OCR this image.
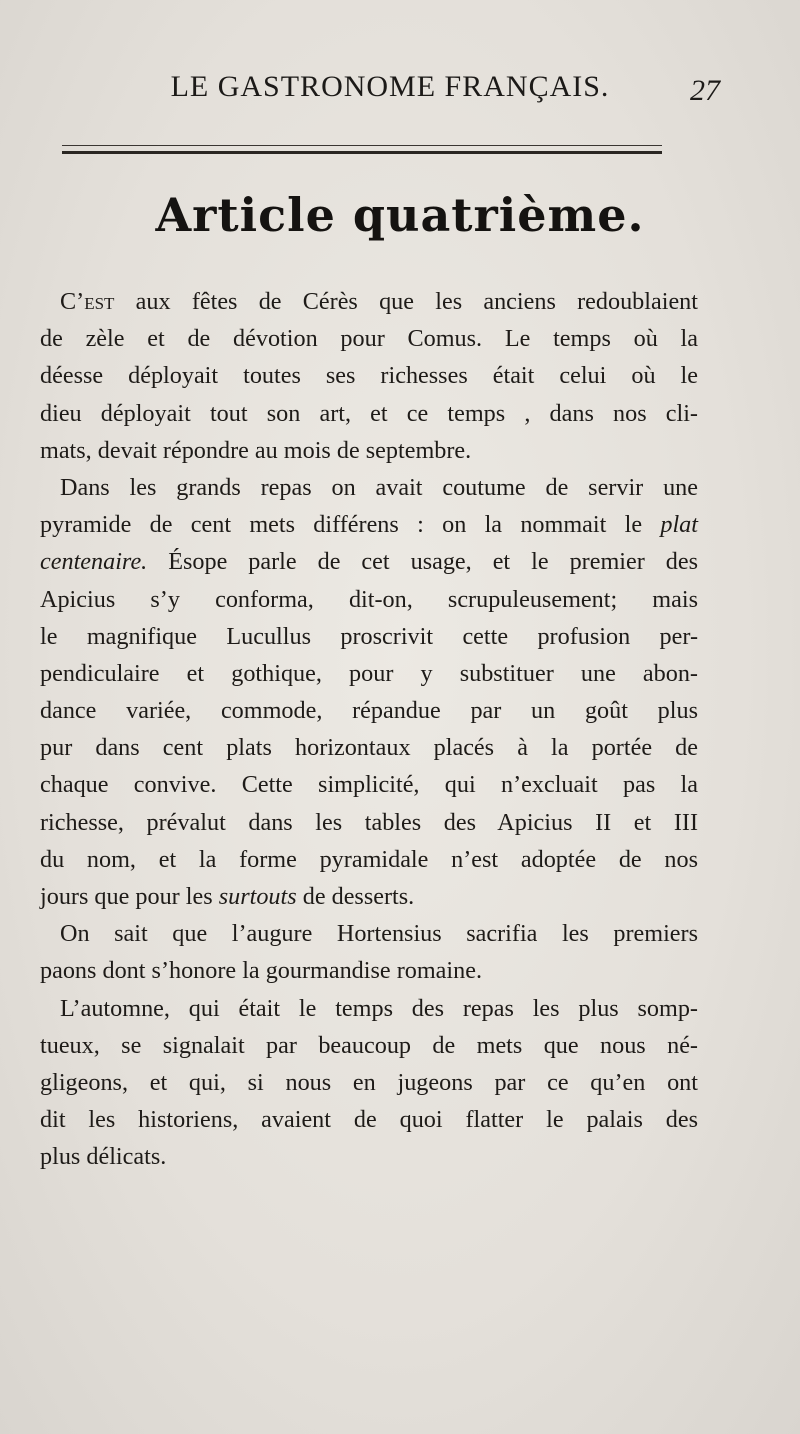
LE GASTRONOME FRANÇAIS.	27
Article quatrième.
C’est aux fêtes de Cérès que les anciens redoublaient
de zèle et de dévotion pour Comus. Le temps où la
déesse déployait toutes ses richesses était celui où le
dieu déployait tout son art, et ce temps , dans nos cli-
mats, devait répondre au mois de septembre.
Dans les grands repas on avait coutume de servir une
pyramide de cent mets différens : on la nommait le plat
centenaire. Ésope parle de cet usage, et le premier des
Apicius s’y conforma, dit-on, scrupuleusement; mais
le magnifique Lucullus proscrivit cette profusion per-
pendiculaire et gothique, pour y substituer une abon-
dance variée, commode, répandue par un goût plus
pur dans cent plats horizontaux placés à la portée de
chaque convive. Cette simplicité, qui n’excluait pas la
richesse, prévalut dans les tables des Apicius II et III
du nom, et la forme pyramidale n’est adoptée de nos
jours que pour les surtouts de desserts.
On sait que l’augure Hortensius sacrifia les premiers
paons dont s’honore la gourmandise romaine.
L’automne, qui était le temps des repas les plus somp-
tueux, se signalait par beaucoup de mets que nous né-
gligeons, et qui, si nous en jugeons par ce qu’en ont
dit les historiens, avaient de quoi flatter le palais des
plus délicats.
